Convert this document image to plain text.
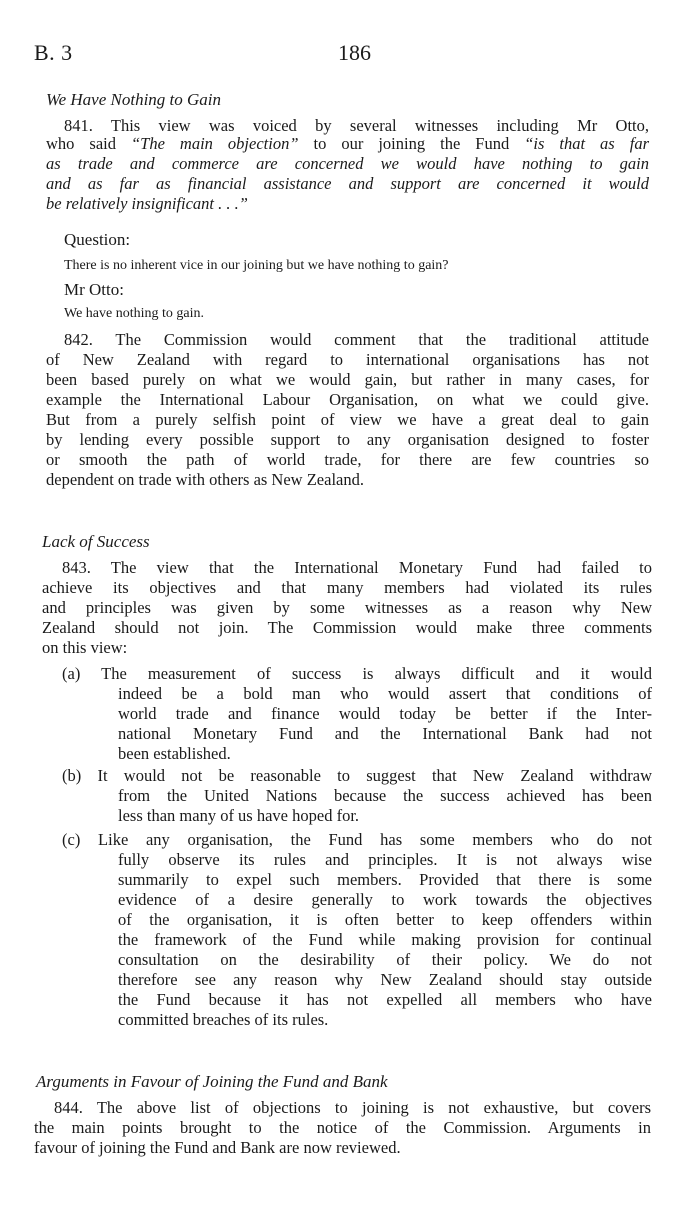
B. 3	186
We Have Nothing to Gain
841. This view was voiced by several witnesses including Mr Otto,
who said “The main objection” to our joining the Fund “is that as far
as trade and commerce are concerned we would have nothing to gain
and as far as financial assistance and support are concerned it would
be relatively insignificant . . .”
Question:
There is no inherent vice in our joining but we have nothing to gain?
Mr Otto:
We have nothing to gain.
842. The Commission would comment that the traditional attitude
of New Zealand with regard to international organisations has not
been based purely on what we would gain, but rather in many cases, for
example the International Labour Organisation, on what we could give.
But from a purely selfish point of view we have a great deal to gain
by lending every possible support to any organisation designed to foster
or smooth the path of world trade, for there are few countries so
dependent on trade with others as New Zealand.
Lack of Success
843. The view that the International Monetary Fund had failed to
achieve its objectives and that many members had violated its rules
and principles was given by some witnesses as a reason why New
Zealand should not join. The Commission would make three comments
on this view:
(a) The measurement of success is always difficult and it would
indeed be a bold man who would assert that conditions of
world trade and finance would today be better if the Inter-
national Monetary Fund and the International Bank had not
been established.
(b) It would not be reasonable to suggest that New Zealand withdraw
from the United Nations because the success achieved has been
less than many of us have hoped for.
(c) Like any organisation, the Fund has some members who do not
fully observe its rules and principles. It is not always wise
summarily to expel such members. Provided that there is some
evidence of a desire generally to work towards the objectives
of the organisation, it is often better to keep offenders within
the framework of the Fund while making provision for continual
consultation on the desirability of their policy. We do not
therefore see any reason why New Zealand should stay outside
the Fund because it has not expelled all members who have
committed breaches of its rules.
Arguments in Favour of Joining the Fund and Bank
844. The above list of objections to joining is not exhaustive, but covers
the main points brought to the notice of the Commission. Arguments in
favour of joining the Fund and Bank are now reviewed.
